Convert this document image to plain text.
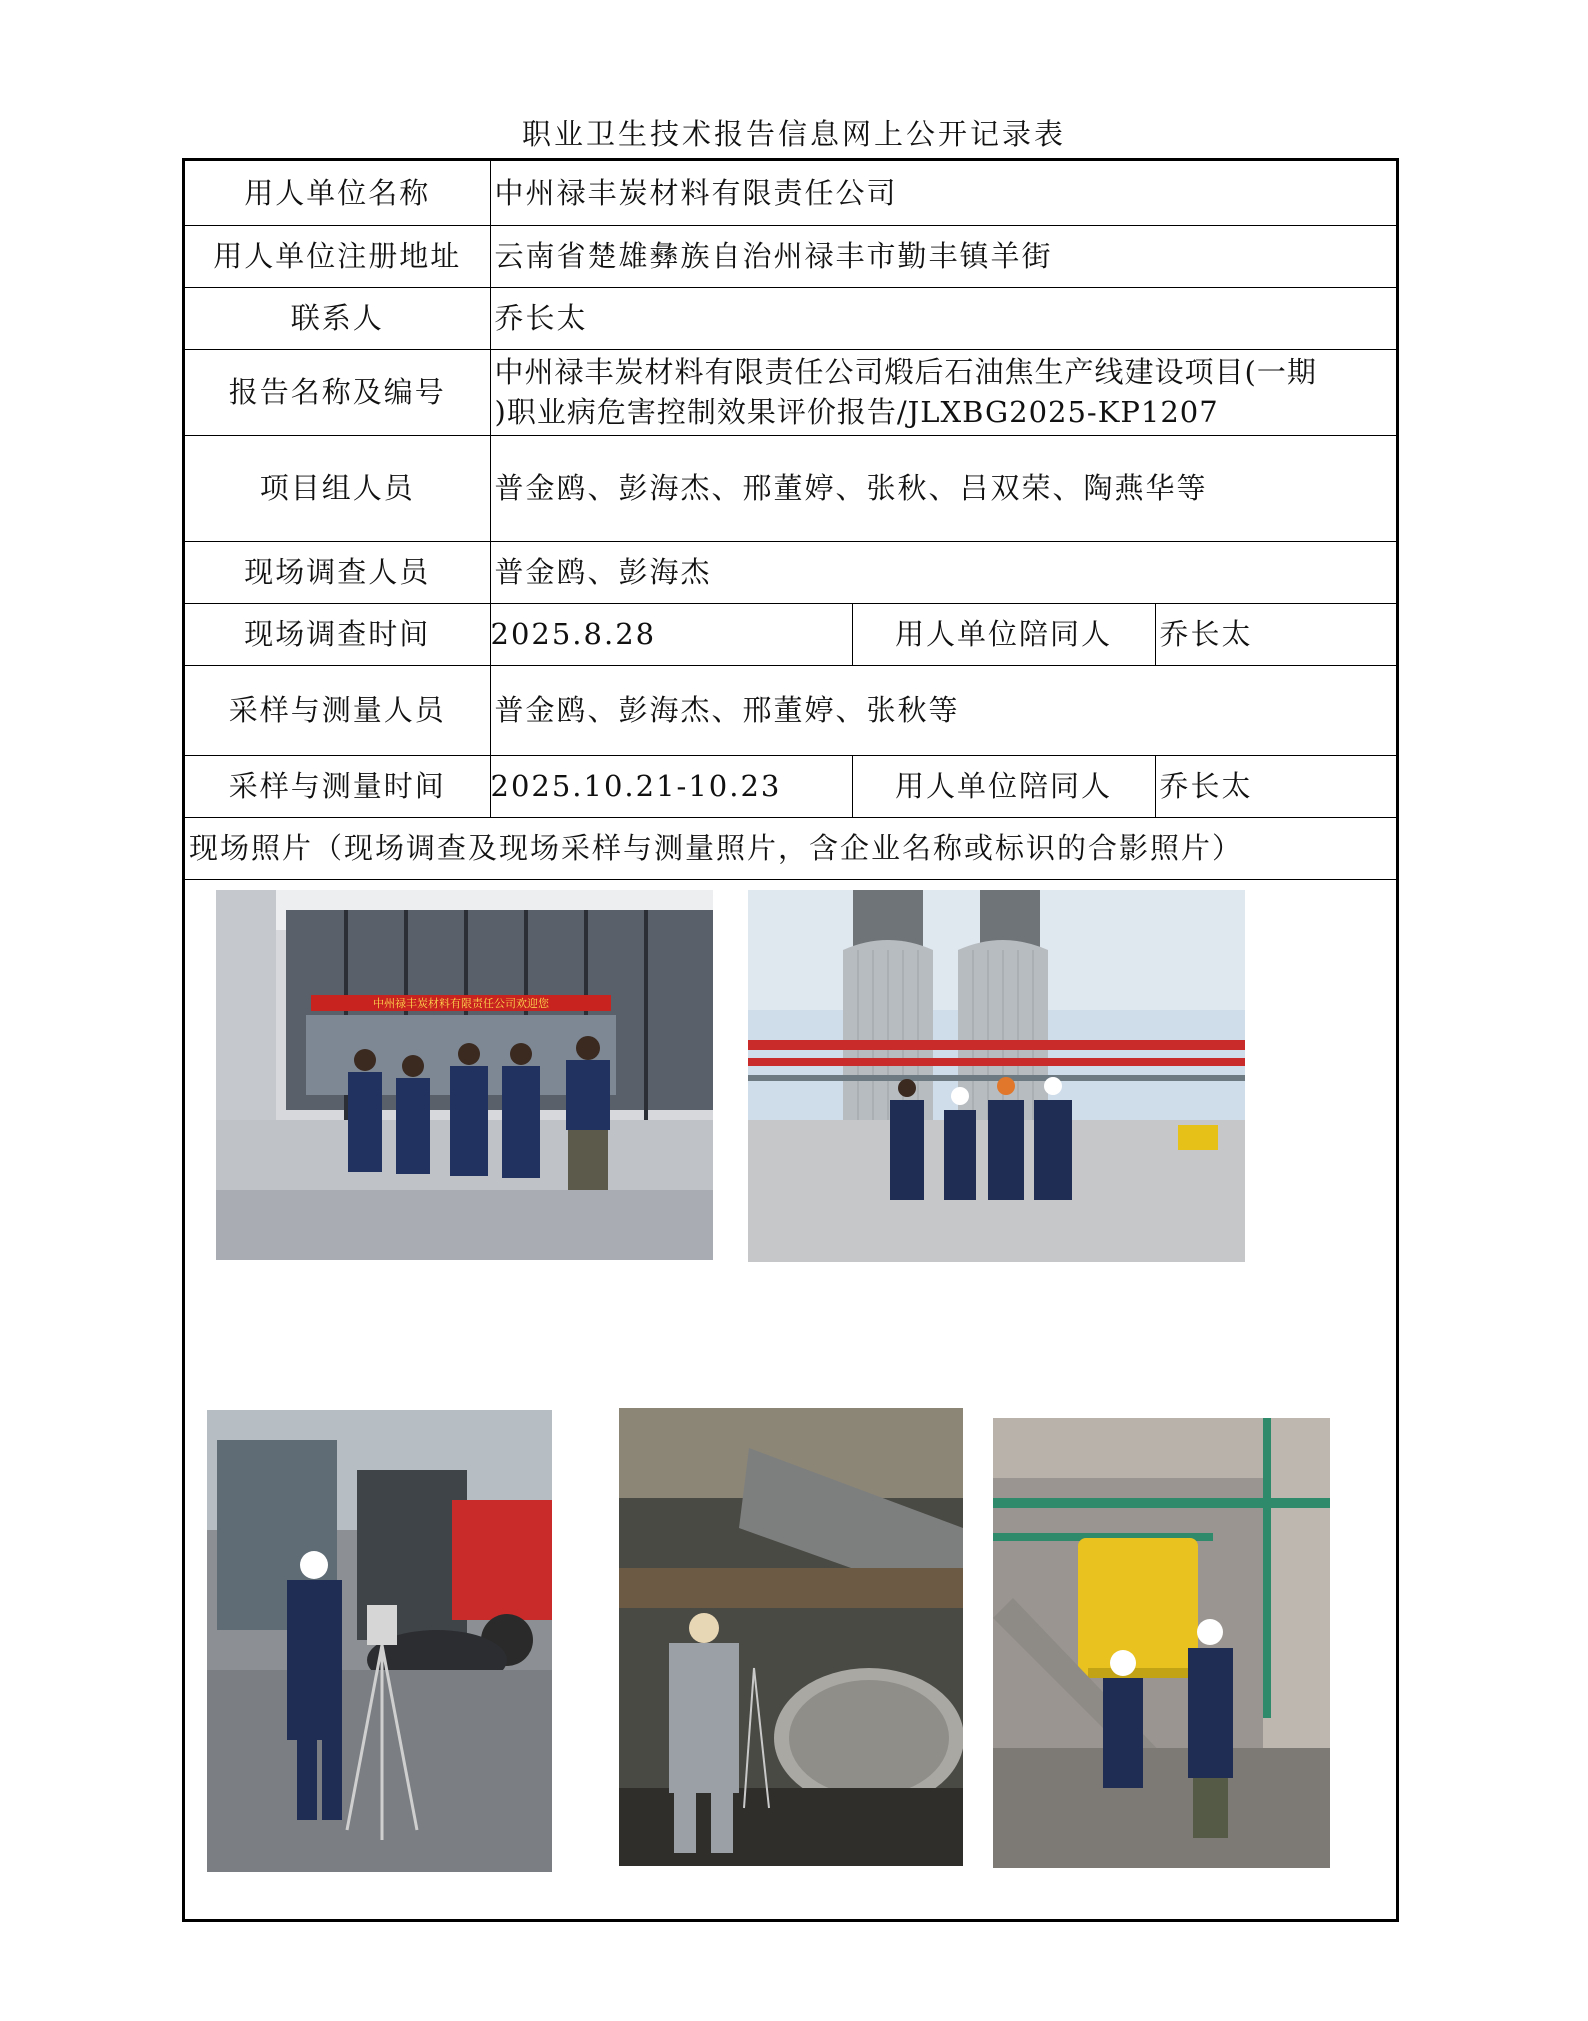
职业卫生技术报告信息网上公开记录表
用人单位名称	中州禄丰炭材料有限责任公司		
用人单位注册地址	云南省楚雄彝族自治州禄丰市勤丰镇羊街		
联系人	乔长太		
报告名称及编号	中州禄丰炭材料有限责任公司煅后石油焦生产线建设项目(一期
)职业病危害控制效果评价报告/JLXBG2025-KP1207		

项目组人员	普金鸥、彭海杰、邢董婷、张秋、吕双荣、陶燕华等		
现场调查人员	普金鸥、彭海杰		
现场调查时间	2025.8.28	用人单位陪同人	乔长太
采样与测量人员	普金鸥、彭海杰、邢董婷、张秋等		
采样与测量时间	2025.10.21-10.23	用人单位陪同人	乔长太
现场照片（现场调查及现场采样与测量照片，含企业名称或标识的合影照片）			
中州禄丰炭材料有限责任公司欢迎您
